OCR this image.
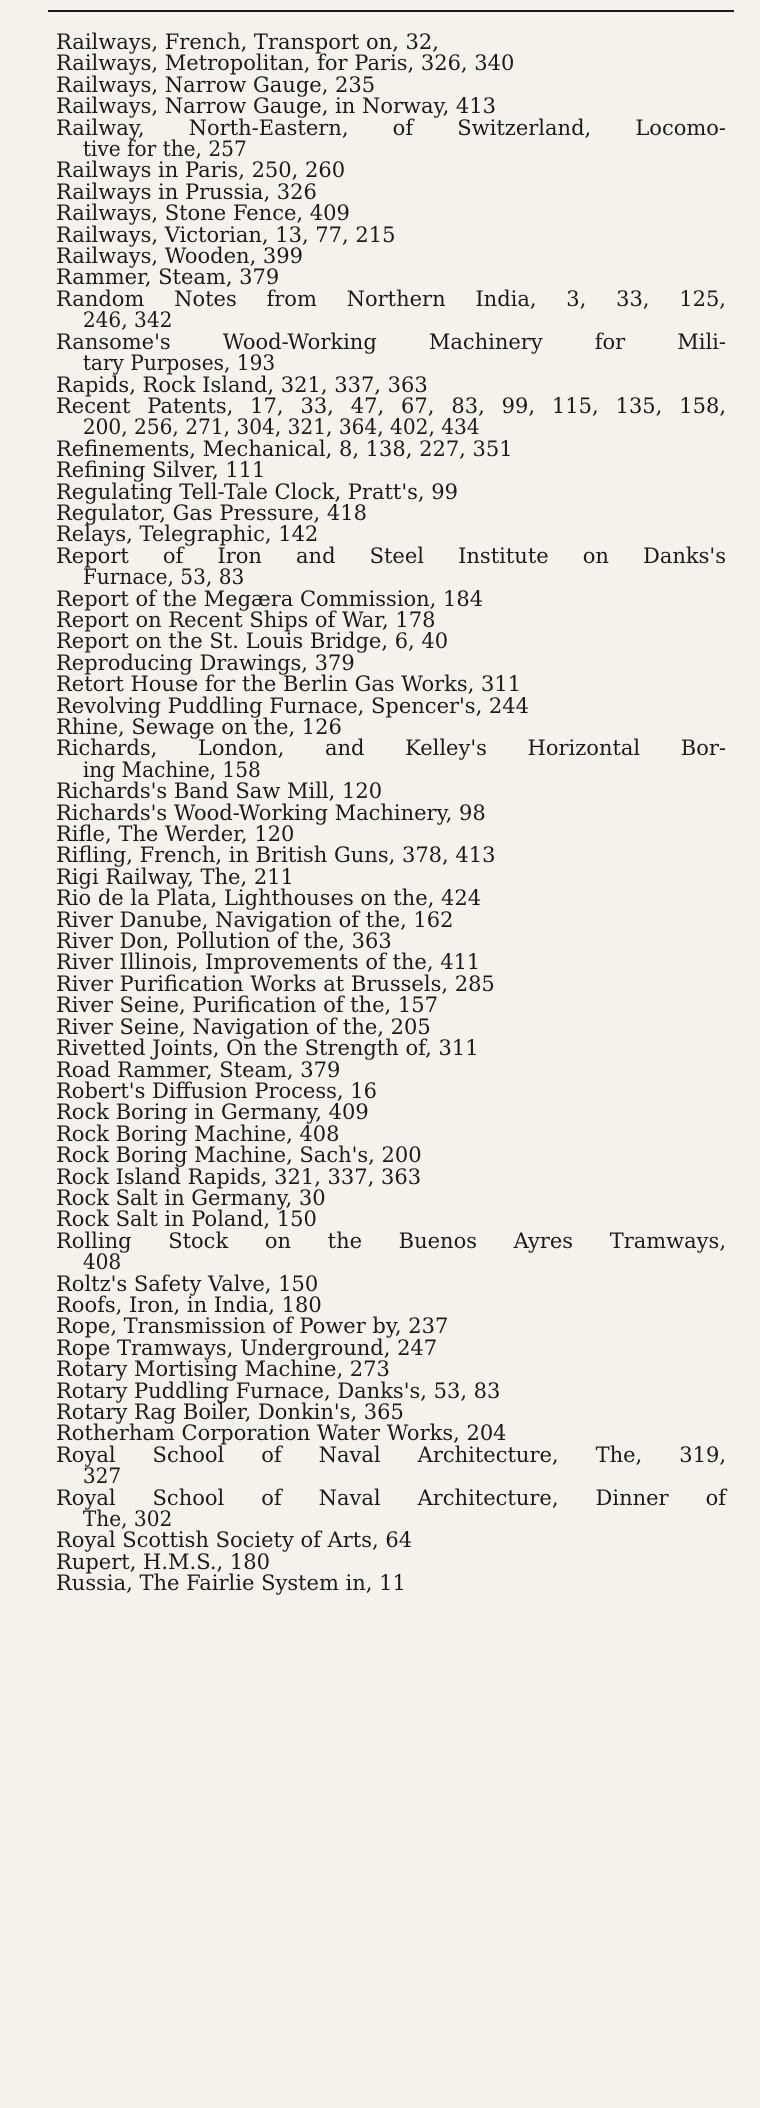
Railways, French, Transport on, 32,
Railways, Metropolitan, for Paris, 326, 340
Railways, Narrow Gauge, 235
Railways, Narrow Gauge, in Norway, 413
Railway, North-Eastern, of Switzerland, Locomo-
tive for the, 257
Railways in Paris, 250, 260
Railways in Prussia, 326
Railways, Stone Fence, 409
Railways, Victorian, 13, 77, 215
Railways, Wooden, 399
Rammer, Steam, 379
Random Notes from Northern India, 3, 33, 125,
246, 342
Ransome's Wood-Working Machinery for Mili-
tary Purposes, 193
Rapids, Rock Island, 321, 337, 363
Recent Patents, 17, 33, 47, 67, 83, 99, 115, 135, 158,
200, 256, 271, 304, 321, 364, 402, 434
Refinements, Mechanical, 8, 138, 227, 351
Refining Silver, 111
Regulating Tell-Tale Clock, Pratt's, 99
Regulator, Gas Pressure, 418
Relays, Telegraphic, 142
Report of Iron and Steel Institute on Danks's
Furnace, 53, 83
Report of the Megæra Commission, 184
Report on Recent Ships of War, 178
Report on the St. Louis Bridge, 6, 40
Reproducing Drawings, 379
Retort House for the Berlin Gas Works, 311
Revolving Puddling Furnace, Spencer's, 244
Rhine, Sewage on the, 126
Richards, London, and Kelley's Horizontal Bor-
ing Machine, 158
Richards's Band Saw Mill, 120
Richards's Wood-Working Machinery, 98
Rifle, The Werder, 120
Rifling, French, in British Guns, 378, 413
Rigi Railway, The, 211
Rio de la Plata, Lighthouses on the, 424
River Danube, Navigation of the, 162
River Don, Pollution of the, 363
River Illinois, Improvements of the, 411
River Purification Works at Brussels, 285
River Seine, Purification of the, 157
River Seine, Navigation of the, 205
Rivetted Joints, On the Strength of, 311
Road Rammer, Steam, 379
Robert's Diffusion Process, 16
Rock Boring in Germany, 409
Rock Boring Machine, 408
Rock Boring Machine, Sach's, 200
Rock Island Rapids, 321, 337, 363
Rock Salt in Germany, 30
Rock Salt in Poland, 150
Rolling Stock on the Buenos Ayres Tramways,
408
Roltz's Safety Valve, 150
Roofs, Iron, in India, 180
Rope, Transmission of Power by, 237
Rope Tramways, Underground, 247
Rotary Mortising Machine, 273
Rotary Puddling Furnace, Danks's, 53, 83
Rotary Rag Boiler, Donkin's, 365
Rotherham Corporation Water Works, 204
Royal School of Naval Architecture, The, 319,
327
Royal School of Naval Architecture, Dinner of
The, 302
Royal Scottish Society of Arts, 64
Rupert, H.M.S., 180
Russia, The Fairlie System in, 11
